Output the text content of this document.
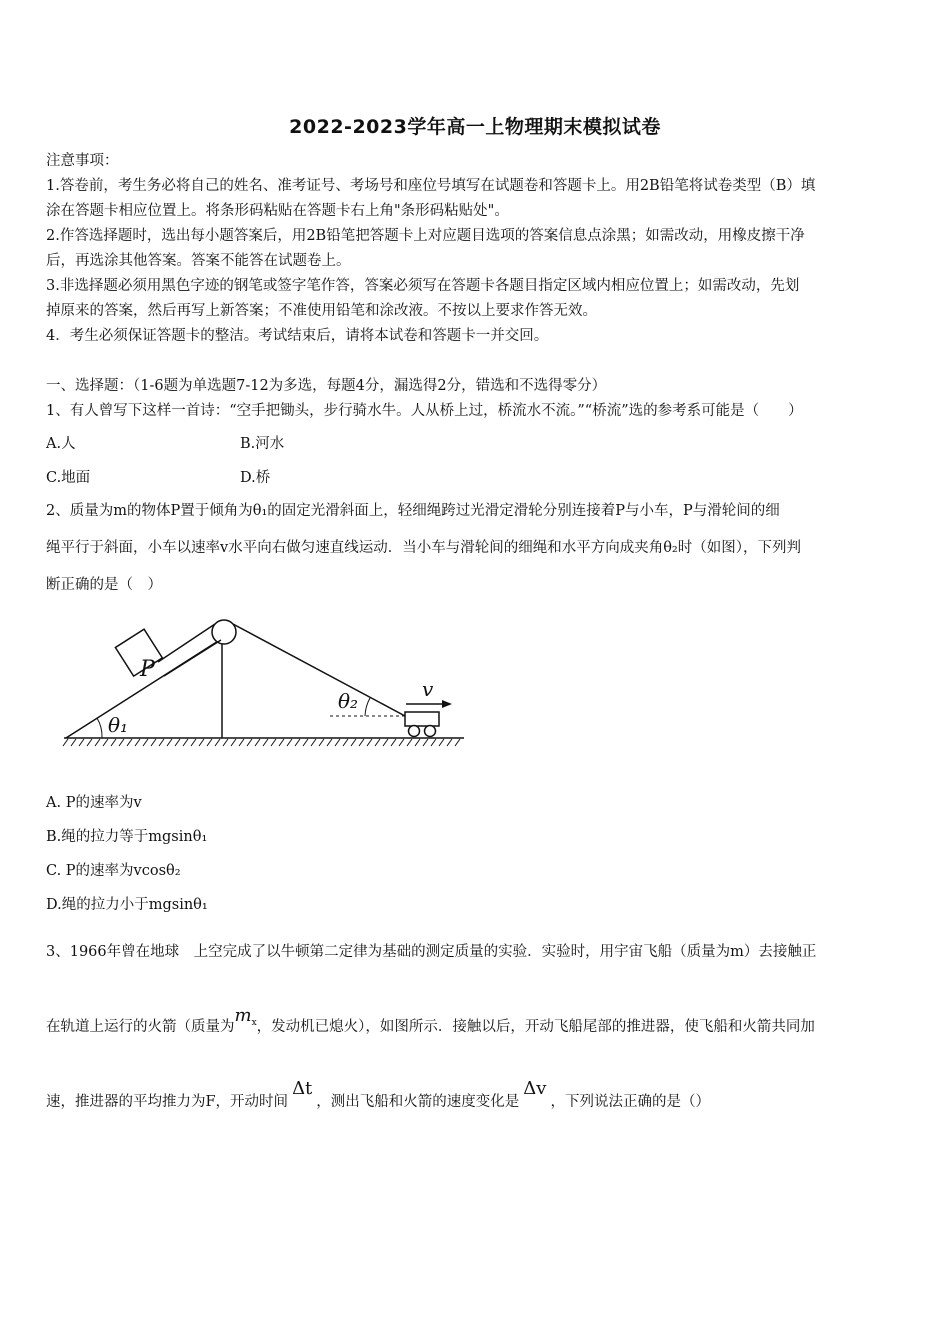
2022-2023学年高一上物理期末模拟试卷
注意事项：
1.答卷前，考生务必将自己的姓名、准考证号、考场号和座位号填写在试题卷和答题卡上。用2B铅笔将试卷类型（B）填
涂在答题卡相应位置上。将条形码粘贴在答题卡右上角"条形码粘贴处"。
2.作答选择题时，选出每小题答案后，用2B铅笔把答题卡上对应题目选项的答案信息点涂黑；如需改动，用橡皮擦干净
后，再选涂其他答案。答案不能答在试题卷上。
3.非选择题必须用黑色字迹的钢笔或签字笔作答，答案必须写在答题卡各题目指定区域内相应位置上；如需改动，先划
掉原来的答案，然后再写上新答案；不准使用铅笔和涂改液。不按以上要求作答无效。
4．考生必须保证答题卡的整洁。考试结束后，请将本试卷和答题卡一并交回。
一、选择题：（1-6题为单选题7-12为多选，每题4分，漏选得2分，错选和不选得零分）
1、有人曾写下这样一首诗：“空手把锄头，步行骑水牛。人从桥上过，桥流水不流。”“桥流”选的参考系可能是（　　）
A.人	B.河水
C.地面	D.桥
2、质量为m的物体P置于倾角为θ₁的固定光滑斜面上，轻细绳跨过光滑定滑轮分别连接着P与小车，P与滑轮间的细
绳平行于斜面，小车以速率v水平向右做匀速直线运动．当小车与滑轮间的细绳和水平方向成夹角θ₂时（如图），下列判
断正确的是（　）
P
θ₁
θ₂	v
A. P的速率为v
B.绳的拉力等于mgsinθ₁
C. P的速率为vcosθ₂
D.绳的拉力小于mgsinθ₁
3、1966年曾在地球　上空完成了以牛顿第二定律为基础的测定质量的实验．实验时，用宇宙飞船（质量为m）去接触正
在轨道上运行的火箭（质量为$m^x$，发动机已熄火），如图所示．接触以后，开动飞船尾部的推进器，使飞船和火箭共同加
速，推进器的平均推力为F，开动时间Δt，测出飞船和火箭的速度变化是Δv，下列说法正确的是（）
